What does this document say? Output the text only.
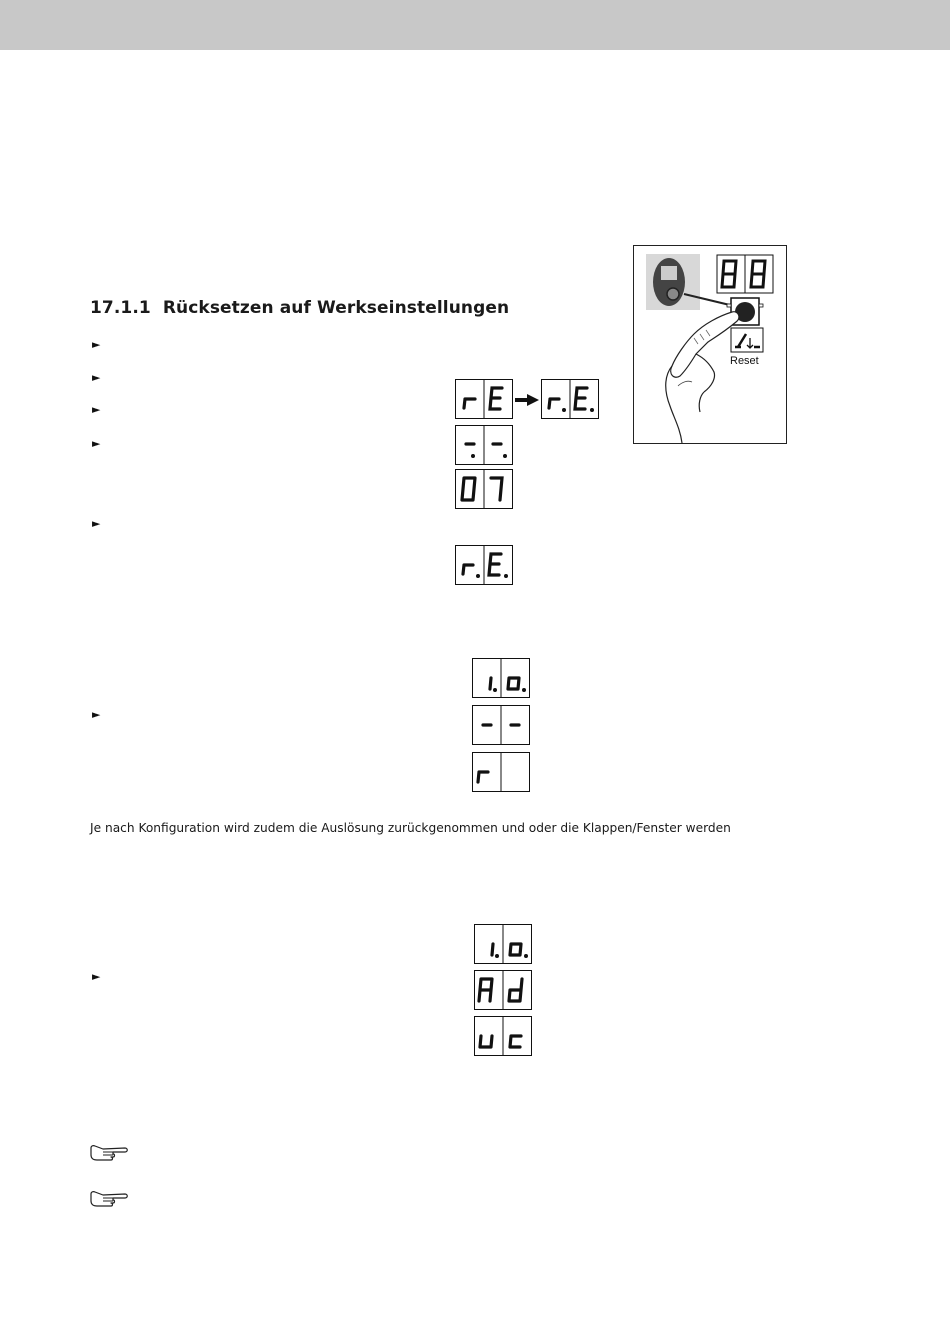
17.1.1 Rücksetzen auf Werkseinstellungen
►
►
►
►
►
►
►
Je nach Konfiguration wird zudem die Auslösung zurückgenommen und oder die Klappen/Fenster werden
Reset
